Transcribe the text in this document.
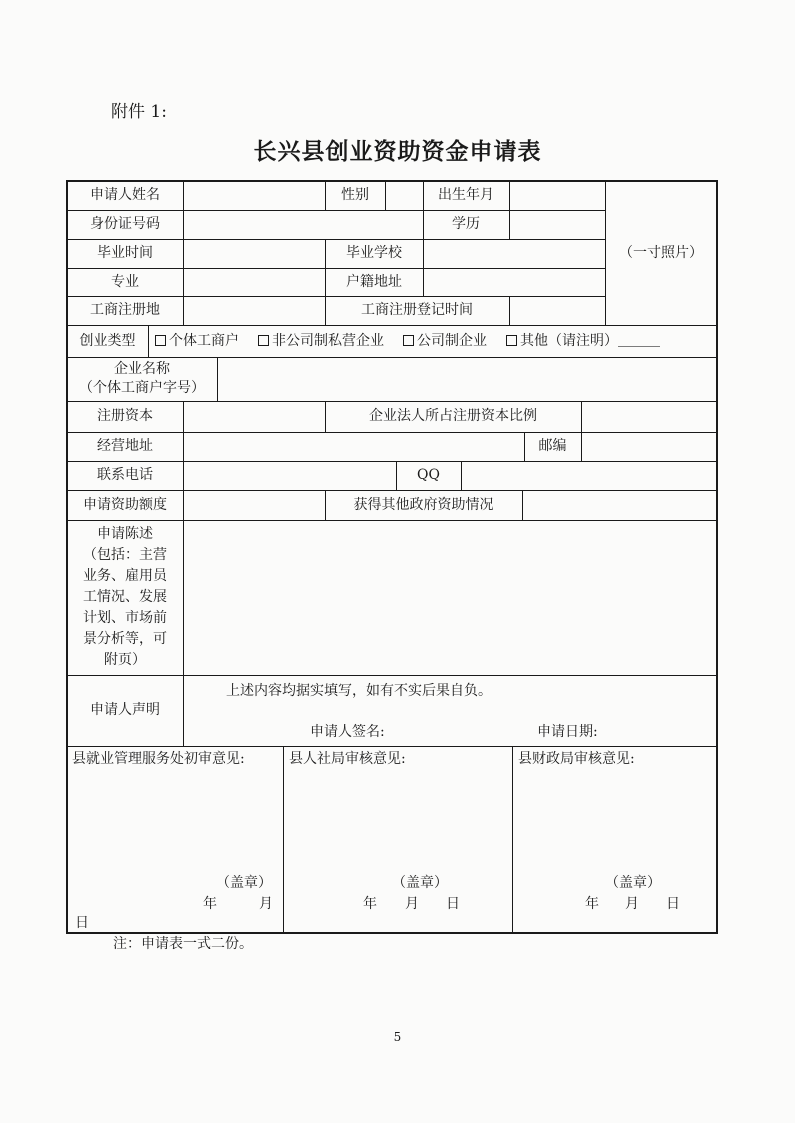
附件 1:
长兴县创业资助资金申请表
申请人姓名	性别	出生年月
（一寸照片）
身份证号码	学历
毕业时间	毕业学校
专业	户籍地址
工商注册地	工商注册登记时间
创业类型	个体工商户	非公司制私营企业	公司制企业	其他（请注明）＿＿＿
企业名称
（个体工商户字号）
注册资本	企业法人所占注册资本比例
经营地址	邮编
联系电话	QQ
申请资助额度	获得其他政府资助情况
申请陈述
（包括：主营
业务、雇用员
工情况、发展
计划、市场前
景分析等，可
附页）
申请人声明
上述内容均据实填写，如有不实后果自负。
申请人签名:	申请日期:
县就业管理服务处初审意见:
（盖章）
年	月
日
县人社局审核意见:
（盖章）
年 月 日
县财政局审核意见:
（盖章）
年 月 日
注：申请表一式二份。
5
